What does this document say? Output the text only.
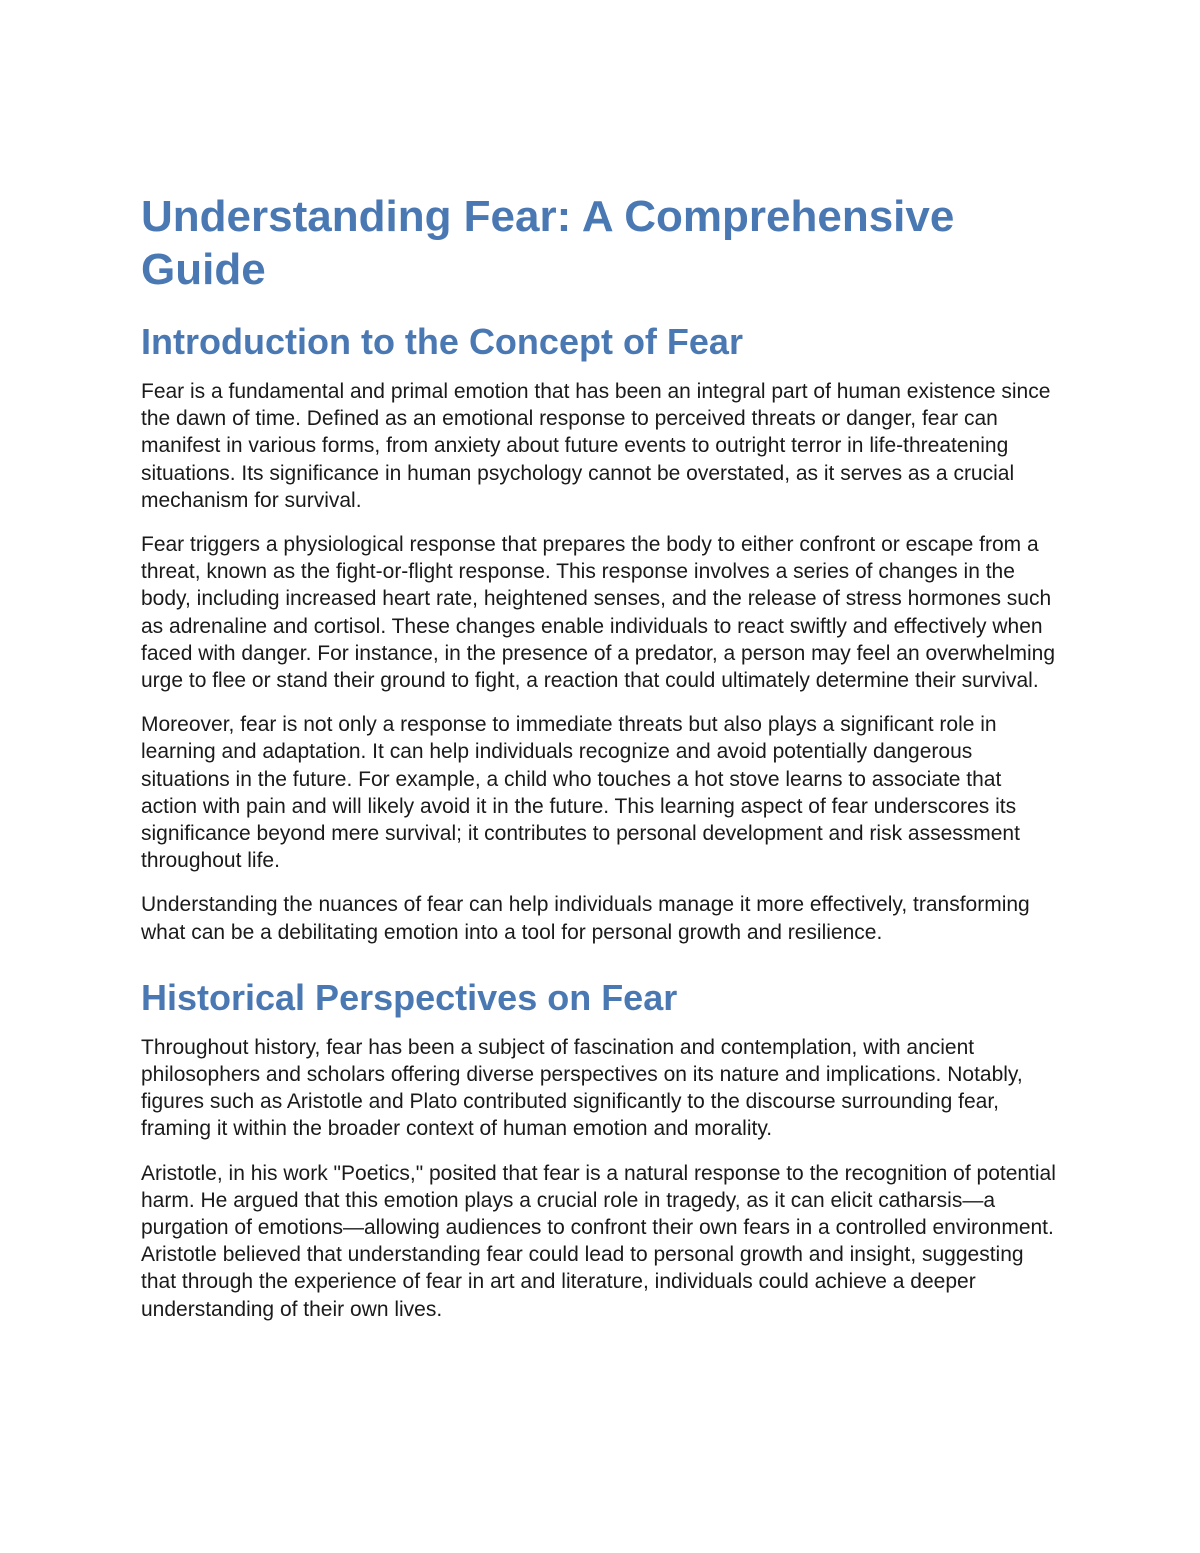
Understanding Fear: A Comprehensive Guide
Introduction to the Concept of Fear

Fear is a fundamental and primal emotion that has been an integral part of human existence since the dawn of time. Defined as an emotional response to perceived threats or danger, fear can manifest in various forms, from anxiety about future events to outright terror in life-threatening situations. Its significance in human psychology cannot be overstated, as it serves as a crucial mechanism for survival.

Fear triggers a physiological response that prepares the body to either confront or escape from a threat, known as the fight-or-flight response. This response involves a series of changes in the body, including increased heart rate, heightened senses, and the release of stress hormones such as adrenaline and cortisol. These changes enable individuals to react swiftly and effectively when faced with danger. For instance, in the presence of a predator, a person may feel an overwhelming urge to flee or stand their ground to fight, a reaction that could ultimately determine their survival.

Moreover, fear is not only a response to immediate threats but also plays a significant role in learning and adaptation. It can help individuals recognize and avoid potentially dangerous situations in the future. For example, a child who touches a hot stove learns to associate that action with pain and will likely avoid it in the future. This learning aspect of fear underscores its significance beyond mere survival; it contributes to personal development and risk assessment throughout life.

Understanding the nuances of fear can help individuals manage it more effectively, transforming what can be a debilitating emotion into a tool for personal growth and resilience.

Historical Perspectives on Fear

Throughout history, fear has been a subject of fascination and contemplation, with ancient philosophers and scholars offering diverse perspectives on its nature and implications. Notably, figures such as Aristotle and Plato contributed significantly to the discourse surrounding fear, framing it within the broader context of human emotion and morality.

Aristotle, in his work "Poetics," posited that fear is a natural response to the recognition of potential harm. He argued that this emotion plays a crucial role in tragedy, as it can elicit catharsis—a purgation of emotions—allowing audiences to confront their own fears in a controlled environment. Aristotle believed that understanding fear could lead to personal growth and insight, suggesting that through the experience of fear in art and literature, individuals could achieve a deeper understanding of their own lives.
